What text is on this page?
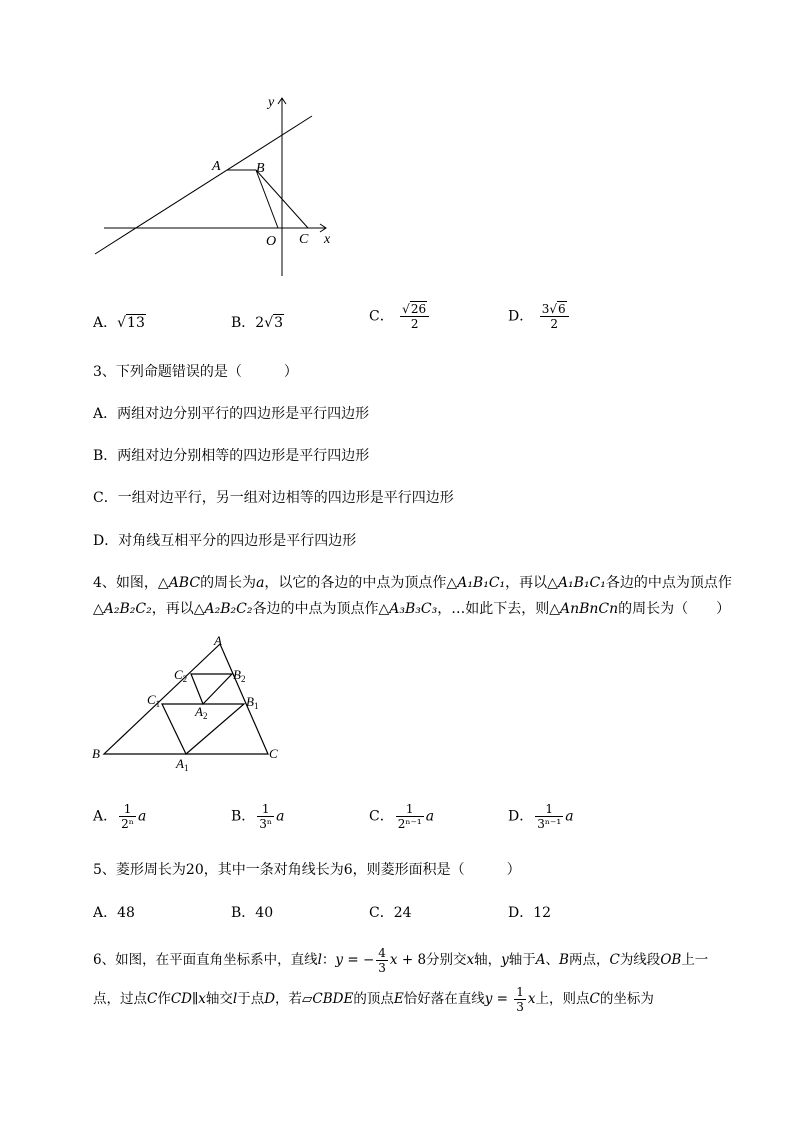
y
x
A	B
O C
A．√13	B．2√3	C． $\frac{√26}{2}$	D． $\frac{3√6}{2}$
3、下列命题错误的是（　　　）
A．两组对边分别平行的四边形是平行四边形
B．两组对边分别相等的四边形是平行四边形
C．一组对边平行，另一组对边相等的四边形是平行四边形
D．对角线互相平分的四边形是平行四边形
4、如图，△ABC的周长为a，以它的各边的中点为顶点作△A₁B₁C₁，再以△A₁B₁C₁各边的中点为顶点作
△A₂B₂C₂，再以△A₂B₂C₂各边的中点为顶点作△A₃B₃C₃，…如此下去，则△AnBnCn的周长为（　　）
A
B	C
$A_1$
$B_1$
$C_1$	$A_2$
$B_2$
$C_2$
A． $\frac{1}{\text{2ⁿ}}$ a	B． $\frac{1}{\text{3ⁿ}}$ a	C． $\frac{1}{\text{2ⁿ⁻¹}}$ a	D． $\frac{1}{\text{3ⁿ⁻¹}}$ a
5、菱形周长为20，其中一条对角线长为6，则菱形面积是（　　　）
A．48	B．40	C．24	D．12
6、如图，在平面直角坐标系中，直线l：y = − $\frac{4}{3}$ x + 8分别交x轴，y轴于A、B两点，C为线段OB上一
点，过点C作CD∥x轴交l于点D，若▱CBDE的顶点E恰好落在直线$y = \frac{1}{3}$ x上，则点C的坐标为
